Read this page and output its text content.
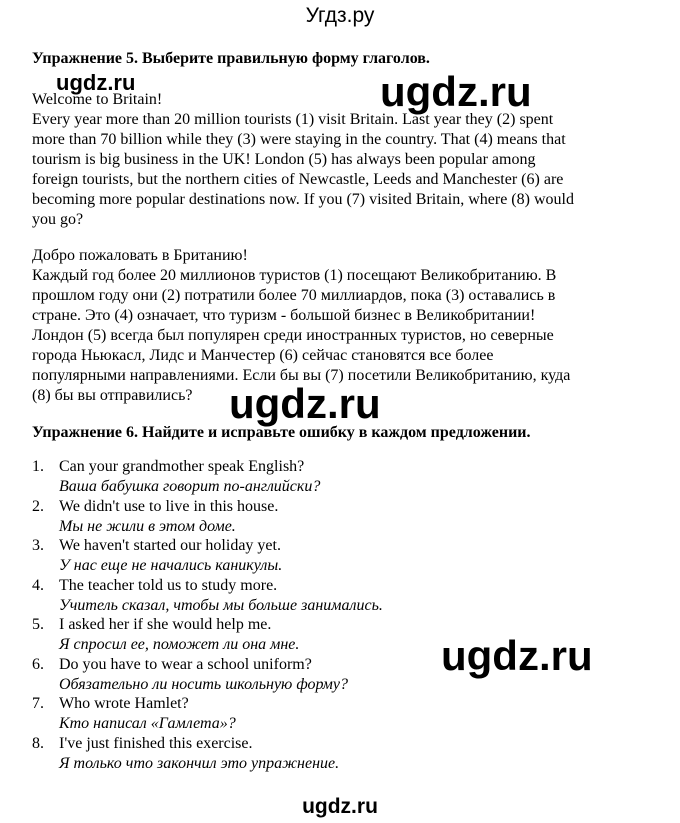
Угдз.ру
ugdz.ru	ugdz.ru
ugdz.ru
ugdz.ru
Упражнение 5. Выберите правильную форму глаголов.
Welcome to Britain!
Every year more than 20 million tourists (1) visit Britain. Last year they (2) spent
more than 70 billion while they (3) were staying in the country. That (4) means that
tourism is big business in the UK! London (5) has always been popular among
foreign tourists, but the northern cities of Newcastle, Leeds and Manchester (6) are
becoming more popular destinations now. If you (7) visited Britain, where (8) would
you go?
Добро пожаловать в Британию!
Каждый год более 20 миллионов туристов (1) посещают Великобританию. В
прошлом году они (2) потратили более 70 миллиардов, пока (3) оставались в
стране. Это (4) означает, что туризм - большой бизнес в Великобритании!
Лондон (5) всегда был популярен среди иностранных туристов, но северные
города Ньюкасл, Лидс и Манчестер (6) сейчас становятся все более
популярными направлениями. Если бы вы (7) посетили Великобританию, куда
(8) бы вы отправились?
Упражнение 6. Найдите и исправьте ошибку в каждом предложении.
1. Can your grandmother speak English?
Ваша бабушка говорит по-английски?
2. We didn't use to live in this house.
Мы не жили в этом доме.
3. We haven't started our holiday yet.
У нас еще не начались каникулы.
4. The teacher told us to study more.
Учитель сказал, чтобы мы больше занимались.
5. I asked her if she would help me.
Я спросил ее, поможет ли она мне.
6. Do you have to wear a school uniform?
Обязательно ли носить школьную форму?
7. Who wrote Hamlet?
Кто написал «Гамлета»?
8. I've just finished this exercise.
Я только что закончил это упражнение.
ugdz.ru
